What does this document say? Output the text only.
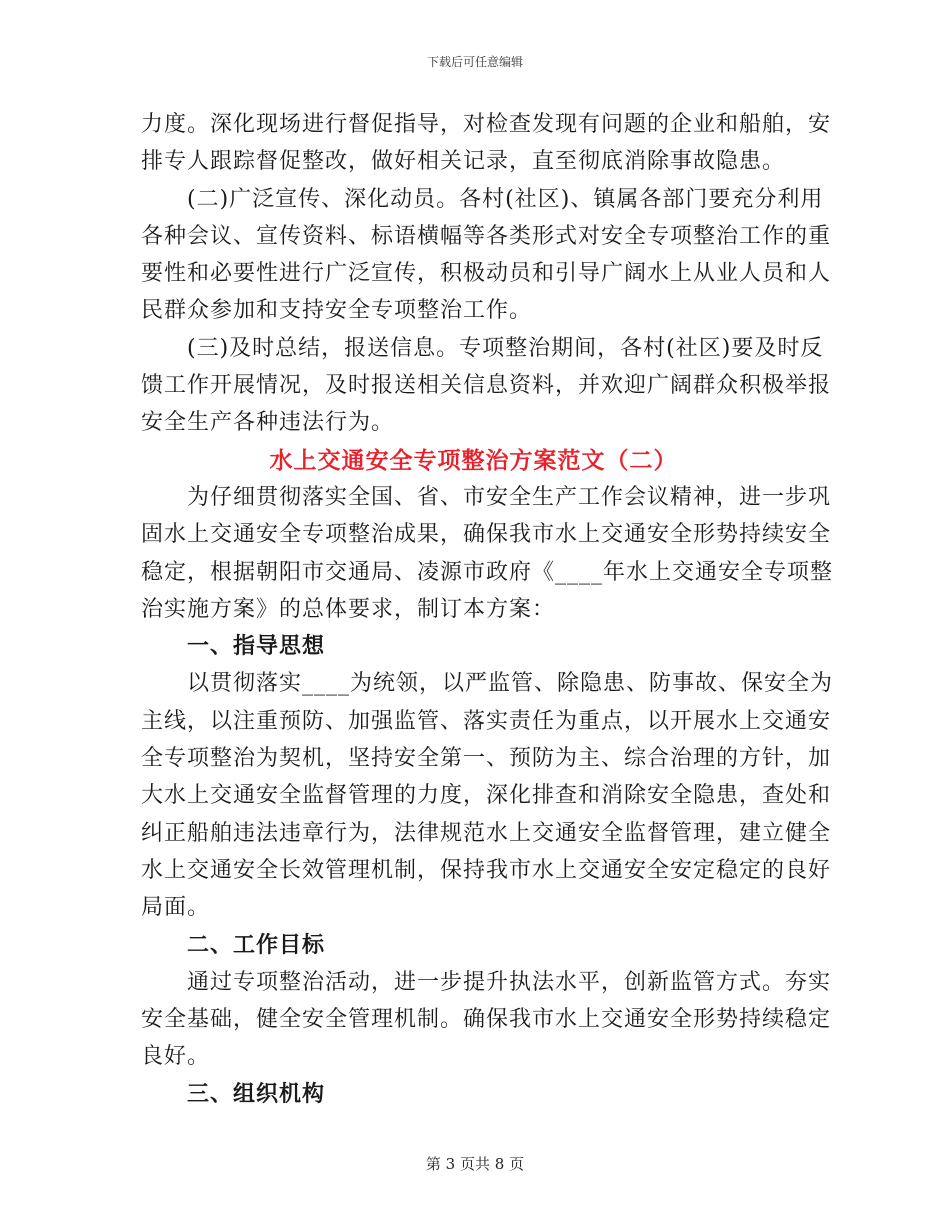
下载后可任意编辑
力度。深化现场进行督促指导，对检查发现有问题的企业和船舶，安
排专人跟踪督促整改，做好相关记录，直至彻底消除事故隐患。
(二)广泛宣传、深化动员。各村(社区)、镇属各部门要充分利用
各种会议、宣传资料、标语横幅等各类形式对安全专项整治工作的重
要性和必要性进行广泛宣传，积极动员和引导广阔水上从业人员和人
民群众参加和支持安全专项整治工作。
(三)及时总结，报送信息。专项整治期间，各村(社区)要及时反
馈工作开展情况，及时报送相关信息资料，并欢迎广阔群众积极举报
安全生产各种违法行为。
水上交通安全专项整治方案范文（二）
为仔细贯彻落实全国、省、市安全生产工作会议精神，进一步巩
固水上交通安全专项整治成果，确保我市水上交通安全形势持续安全
稳定，根据朝阳市交通局、凌源市政府《____年水上交通安全专项整
治实施方案》的总体要求，制订本方案：
一、指导思想
以贯彻落实____为统领，以严监管、除隐患、防事故、保安全为
主线，以注重预防、加强监管、落实责任为重点，以开展水上交通安
全专项整治为契机，坚持安全第一、预防为主、综合治理的方针，加
大水上交通安全监督管理的力度，深化排查和消除安全隐患，查处和
纠正船舶违法违章行为，法律规范水上交通安全监督管理，建立健全
水上交通安全长效管理机制，保持我市水上交通安全安定稳定的良好
局面。
二、工作目标
通过专项整治活动，进一步提升执法水平，创新监管方式。夯实
安全基础，健全安全管理机制。确保我市水上交通安全形势持续稳定
良好。
三、组织机构
第 3 页共 8 页
